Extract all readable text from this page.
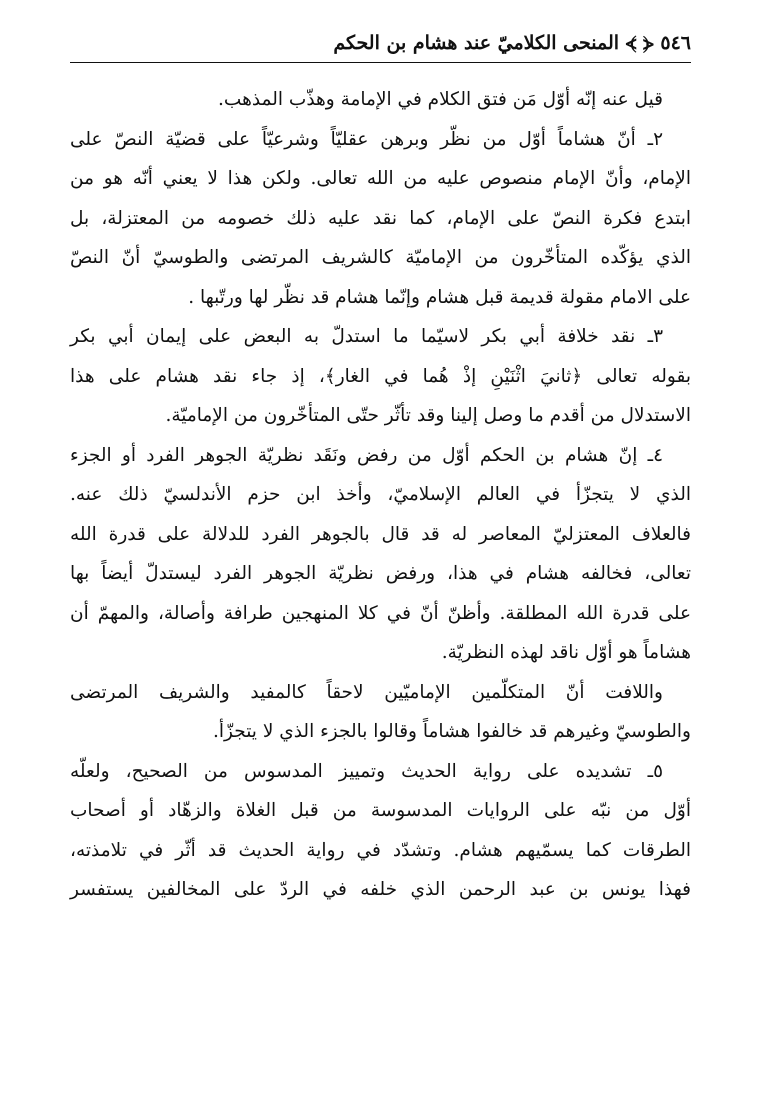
٥٤٦ ⦓ ⦔ المنحى الكلاميّ عند هشام بن الحكم

قيل عنه إنّه أوّل مَن فتق الكلام في الإمامة وهذّب المذهب.

٢ـ أنّ هشاماً أوّل من نظّر وبرهن عقليّاً وشرعيّاً على قضيّة النصّ على
الإمام، وأنّ الإمام منصوص عليه من الله تعالى. ولكن هذا لا يعني أنّه هو من
ابتدع فكرة النصّ على الإمام، كما نقد عليه ذلك خصومه من المعتزلة، بل
الذي يؤكّده المتأخّرون من الإماميّة كالشريف المرتضى والطوسيّ أنّ النصّ
على الامام مقولة قديمة قبل هشام وإنّما هشام قد نظّر لها ورتّبها .

٣ـ نقد خلافة أبي بكر لاسيّما ما استدلّ به البعض على إيمان أبي بكر
بقوله تعالى ﴿ثانيَ اثْنَيْنِ إذْ هُما في الغار﴾، إذ جاء نقد هشام على هذا
الاستدلال من أقدم ما وصل إلينا وقد تأثّر حتّى المتأخّرون من الإماميّة.

٤ـ إنّ هشام بن الحكم أوّل من رفض ونَقَد نظريّة الجوهر الفرد أو الجزء
الذي لا يتجزّأ في العالم الإسلاميّ، وأخذ ابن حزم الأندلسيّ ذلك عنه.
فالعلاف المعتزليّ المعاصر له قد قال بالجوهر الفرد للدلالة على قدرة الله
تعالى، فخالفه هشام في هذا، ورفض نظريّة الجوهر الفرد ليستدلّ أيضاً بها
على قدرة الله المطلقة. وأظنّ أنّ في كلا المنهجين طرافة وأصالة، والمهمّ أن
هشاماً هو أوّل ناقد لهذه النظريّة.

واللافت أنّ المتكلّمين الإماميّين لاحقاً كالمفيد والشريف المرتضى
والطوسيّ وغيرهم قد خالفوا هشاماً وقالوا بالجزء الذي لا يتجزّأ.

٥ـ تشديده على رواية الحديث وتمييز المدسوس من الصحيح، ولعلّه
أوّل من نبّه على الروايات المدسوسة من قبل الغلاة والزهّاد أو أصحاب
الطرقات كما يسمّيهم هشام. وتشدّد في رواية الحديث قد أثّر في تلامذته،
فهذا يونس بن عبد الرحمن الذي خلفه في الردّ على المخالفين يستفسر
